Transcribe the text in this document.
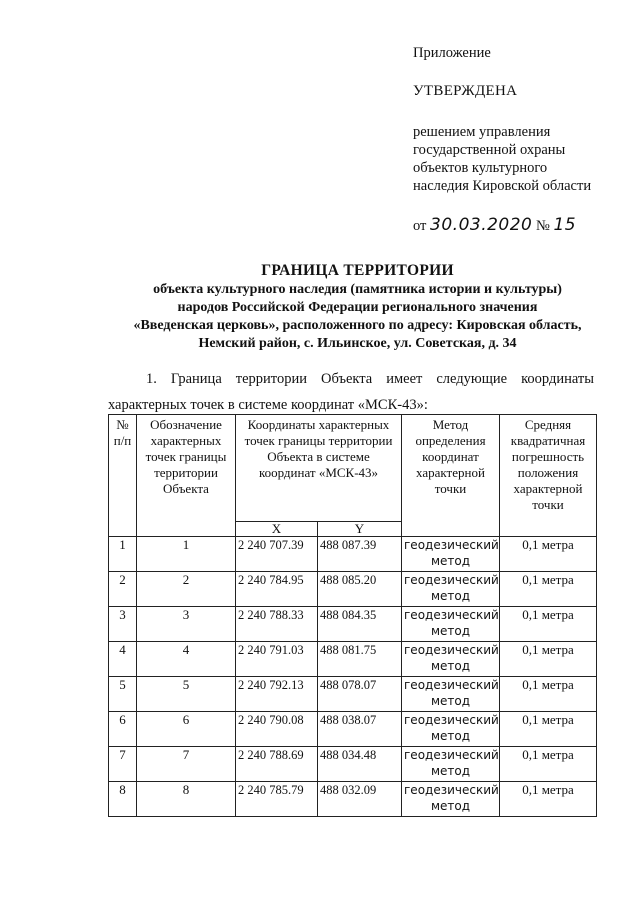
Приложение
УТВЕРЖДЕНА
решением управления
государственной охраны
объектов культурного
наследия Кировской области
от 30.03.2020 № 15
ГРАНИЦА ТЕРРИТОРИИ
объекта культурного наследия (памятника истории и культуры)
народов Российской Федерации регионального значения
«Введенская церковь», расположенного по адресу: Кировская область,
Немский район, с. Ильинское, ул. Советская, д. 34
1. Граница территории Объекта имеет следующие координаты характерных точек в системе координат «МСК-43»:
№ п/п	Обозначение характерных точек границы территории Объекта	Координаты характерных точек границы территории Объекта в системе координат «МСК-43»		Метод определения координат характерной точки	Средняя квадратичная погрешность положения характерной точки
		X	Y		
1	1	2 240 707.39	488 087.39	геодезический метод	0,1 метра
2	2	2 240 784.95	488 085.20	геодезический метод	0,1 метра
3	3	2 240 788.33	488 084.35	геодезический метод	0,1 метра
4	4	2 240 791.03	488 081.75	геодезический метод	0,1 метра
5	5	2 240 792.13	488 078.07	геодезический метод	0,1 метра
6	6	2 240 790.08	488 038.07	геодезический метод	0,1 метра
7	7	2 240 788.69	488 034.48	геодезический метод	0,1 метра
8	8	2 240 785.79	488 032.09	геодезический метод	0,1 метра
